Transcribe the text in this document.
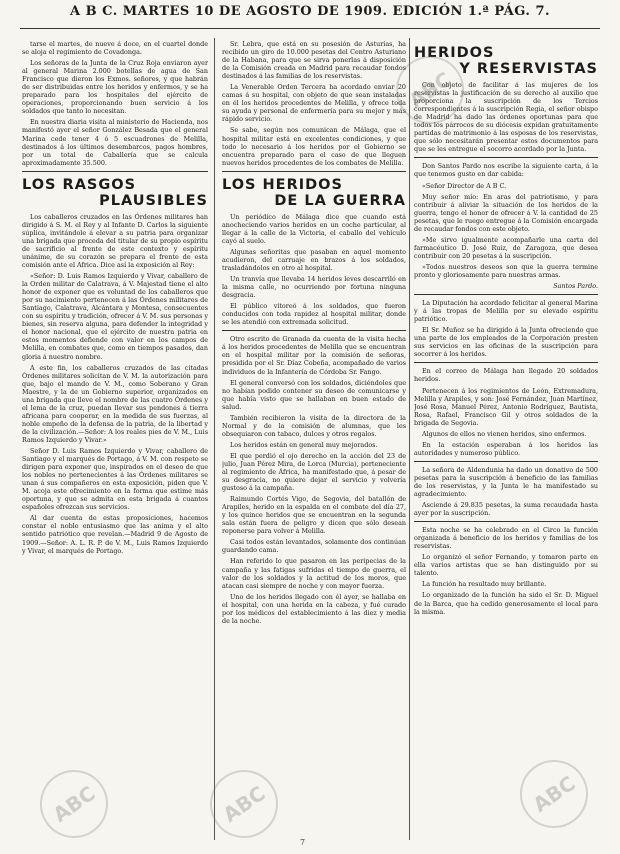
A B C. MARTES 10 DE AGOSTO DE 1909. EDICIÓN 1.ª PÁG. 7.

tarse el martes, de nueve á doce, en el cuartel donde se aloja el regimiento de Covadonga.

Los señoras de la Junta de la Cruz Roja enviaron ayer al general Marina 2.000 botellas de agua de San Francisco que dieron los Exmos. señores, y que habrán de ser distribuidas entre los heridos y enfermos, y se ha preparado para los hospitales del ejército de operaciones, proporcionando buen servicio á los soldados que tanto lo necesitan.

En nuestra diaria visita al ministerio de Hacienda, nos manifestó ayer el señor González Besada que el general Marina cede tener 4 ó 5 escuadrones de Melilla, destinados á los últimos desembarcos, pagos hombres, por un total de Caballería que se calcula aproximadamente 35.500.

LOS RASGOS
PLAUSIBLES

Los caballeros cruzados en las Órdenes militares han dirigido á S. M. el Rey y al Infante D. Carlos la siguiente súplica, invitándole á elevar a su patria para organizar una brigada que proceda del titular de su propio espíritu de sacrificio al frente de este contexto y espíritu unánime, de su corazón se prepara el frente de esta comisión ante el Africa. Dice así la exposición al Rey:

«Señor: D. Luis Ramos Izquierdo y Vivar, caballero de la Orden militar de Calatrava, á V. Majestad tiene el alto honor de exponer que es voluntad de los caballeros que por su nacimiento pertenecen á las Órdenes militares de Santiago, Calatrava, Alcántara y Montesa, consecuentes con su espíritu y tradición, ofrecer á V. M. sus personas y bienes, sin reserva alguna, para defender la integridad y el honor nacional, que el ejército de nuestra patria en estos momentos defiende con valor en los campos de Melilla, en combates que, como en tiempos pasados, dan gloria á nuestro nombre.

A este fin, los caballeros cruzados de las citadas Órdenes militares solicitan de V. M. la autorización para que, bajo el mando de V. M., como Soberano y Gran Maestre, y la de un Gobierno superior, organizados en una brigada que lleve el nombre de las cuatro Órdenes y el lema de la cruz, puedan llevar sus pendones á tierra africana para cooperar, en la medida de sus fuerzas, al noble empeño de la defensa de la patria, de la libertad y de la civilización.—Señor: A los reales pies de V. M., Luis Ramos Izquierdo y Vivar.»

Señor D. Luis Ramos Izquierdo y Vivar, caballero de Santiago y el marqués de Portago, á V. M. con respeto se dirigen para exponer que, inspirados en el deseo de que los nobles no pertenecientes á las Órdenes militares se unan á sus compañeros en esta exposición, piden que V. M. acoja este ofrecimiento en la forma que estime más oportuna, y que se admita en esta brigada á cuantos españoles ofrezcan sus servicios.

Al dar cuenta de estas proposiciones, hacemos constar el noble entusiasmo que las anima y el alto sentido patriótico que revelan.—Madrid 9 de Agosto de 1909.—Señor: A. L. R. P. de V. M., Luis Ramos Izquierdo y Vivar, el marqués de Portago.

Sr. Lebra, que está en su posesión de Asturias, ha recibido un giro de 10.000 pesetas del Centro Asturiano de la Habana, para que se sirva ponerlas á disposición de la Comisión creada en Madrid para recaudar fondos destinados á las familias de los reservistas.

La Venerable Orden Tercera ha acordado enviar 20 camas á su hospital, con objeto de que sean instaladas en él los heridos procedentes de Melilla, y ofrece toda su ayuda y personal de enfermería para su mejor y más rápido servicio.

Se sabe, según nos comunican de Málaga, que el hospital militar está en excelentes condiciones, y que todo lo necesario á los heridos por el Gobierno se encuentra preparado para el caso de que lleguen nuevos heridos procedentes de los combates de Melilla.

LOS HERIDOS
DE LA GUERRA

Un periódico de Málaga dice que cuando está anocheciendo varios heridos en un coche particular, al llegar á la calle de la Victoria, el caballo del vehículo cayó al suelo.

Algunas señoritas que pasaban en aquel momento acudieron, del carruaje en brazos á los soldados, trasladándolos en otro al hospital.

Un tranvía que llevaba 14 heridos leves descarriló en la misma calle, no ocurriendo por fortuna ninguna desgracia.

El público vitoreó á los soldados, que fueron conducidos con toda rapidez al hospital militar, donde se les atendió con extremada solicitud.

Otro escrito de Granada da cuenta de la visita hecha á los heridos procedentes de Melilla que se encuentran en el hospital militar por la comisión de señoras, presidida por el Sr. Díaz Cobeña, acompañado de varios individuos de la Infantería de Córdoba Sr. Fango.

El general conversó con los soldados, diciéndoles que no habían podido contener su deseo de comunicarse y que había visto que se hallaban en buen estado de salud.

También recibieron la visita de la directora de la Normal y de la comisión de alumnas, que les obsequiaron con tabaco, dulces y otros regalos.

Los heridos están en general muy mejorados.

El que perdió el ojo derecho en la acción del 23 de julio, Juan Pérez Mira, de Lorca (Murcia), perteneciente al regimiento de África, ha manifestado que, á pesar de su desgracia, no quiere dejar el servicio y volvería gustoso á la campaña.

Raimundo Cortés Vigo, de Segovia, del batallón de Arapiles, herido en la espalda en el combate del día 27, y los quince heridos que se encuentran en la segunda sala están fuera de peligro y dicen que sólo desean reponerse para volver á Melilla.

Casi todos están levantados, solamente dos continúan guardando cama.

Han referido lo que pasaron en las peripecias de la campaña y las fatigas sufridas el tiempo de guerra, el valor de los soldados y la actitud de los moros, que atacan casi siempre de noche y con mayor fuerza.

Uno de los heridos llegado con él ayer, se hallaba en el hospital, con una herida en la cabeza, y fué curado por los médicos del establecimiento á las diez y media de la noche.

HERIDOS
Y RESERVISTAS

Con objeto de facilitar á las mujeres de los reservistas la justificación de su derecho al auxilio que proporciona la suscripción de los Tercios correspondientes á la suscripción Regia, el señor obispo de Madrid ha dado las órdenes oportunas para que todos los párrocos de su diócesis expidan gratuitamente partidas de matrimonio á las esposas de los reservistas, que sólo necesitarán presentar estos documentos para que se les entregue el socorro acordado por la Junta.

Don Santos Pardo nos escribe la siguiente carta, á la que tenemos gusto en dar cabida:

«Señor Director de A B C.

Muy señor mío: En aras del patriotismo, y para contribuir á aliviar la situación de los heridos de la guerra, tengo el honor de ofrecer á V. la cantidad de 25 pesetas, que le ruego entregue á la Comisión encargada de recaudar fondos con este objeto.

»Me sirvo igualmente acompañarle una carta del farmacéutico D. José Ruiz, de Zaragoza, que desea contribuir con 20 pesetas á la suscripción.

»Todos nuestros deseos son que la guerra termine pronto y gloriosamente para nuestras armas.

Santos Pardo.

La Diputación ha acordado felicitar al general Marina y á las tropas de Melilla por su elevado espíritu patriótico.

El Sr. Muñoz se ha dirigido á la Junta ofreciendo que una parte de los empleados de la Corporación presten sus servicios en las oficinas de la suscripción para socorrer á los heridos.

En el correo de Málaga han llegado 20 soldados heridos.

Pertenecen á los regimientos de León, Extremadura, Melilla y Arapiles, y son: José Fernández, Juan Martínez, José Rosa, Manuel Pérez, Antonio Rodríguez, Bautista, Rosa, Rafael, Francisco Gil y otros soldados de la brigada de Segovia.

Algunos de ellos no vienen heridos, sino enfermos.

En la estación esperaban á los heridos las autoridades y numeroso público.

La señora de Aldendunia ha dado un donativo de 500 pesetas para la suscripción á beneficio de las familias de los reservistas, y la Junta le ha manifestado su agradecimiento.

Asciende á 29.835 pesetas, la suma recaudada hasta ayer por la suscripción.

Esta noche se ha celebrado en el Circo la función organizada á beneficio de los heridos y familias de los reservistas.

Lo organizó el señor Fernando, y tomaron parte en ella varios artistas que se han distinguido por su talento.

La función ha resultado muy brillante.

Lo organizado de la función ha sido el Sr. D. Miguel de la Barca, que ha cedido generosamente el local para la misma.

ABC
ABC	ABC	ABC
7
